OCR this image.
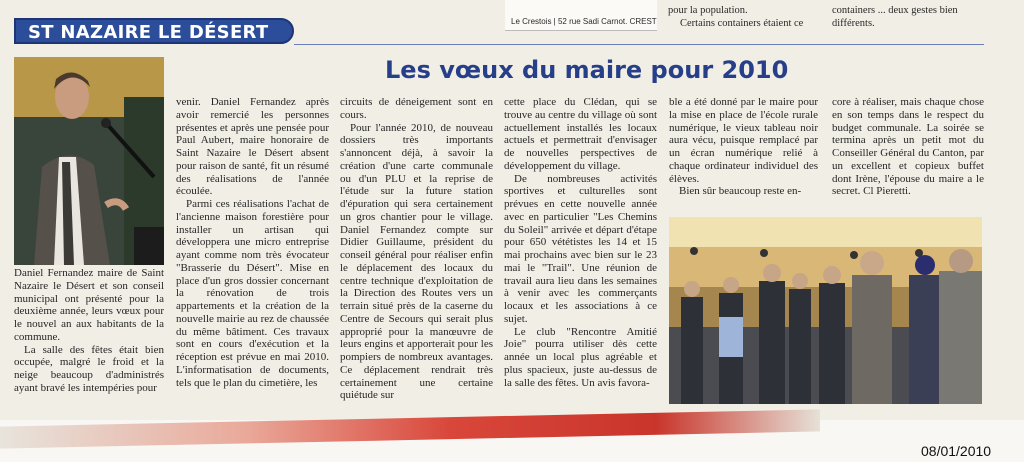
Le Crestois | 52 rue Sadi Carnot. CREST
pour la population.
Certains containers étaient ce
containers ... deux gestes bien
différents.
ST NAZAIRE LE DÉSERT
Les vœux du maire pour 2010

Daniel Fernandez maire de Saint Nazaire le Désert et son conseil municipal ont présenté pour la deuxième année, leurs vœux pour le nouvel an aux habitants de la commune.

La salle des fêtes était bien occupée, malgré le froid et la neige beaucoup d'administrés ayant bravé les intempéries pour

venir. Daniel Fernandez après avoir remercié les personnes présentes et après une pensée pour Paul Aubert, maire honoraire de Saint Nazaire le Désert absent pour raison de santé, fit un résumé des réalisations de l'année écoulée.

Parmi ces réalisations l'achat de l'ancienne maison forestière pour installer un artisan qui développera une micro entreprise ayant comme nom très évocateur "Brasserie du Désert". Mise en place d'un gros dossier concernant la rénovation de trois appartements et la création de la nouvelle mairie au rez de chaussée du même bâtiment. Ces travaux sont en cours d'exécution et la réception est prévue en mai 2010. L'informatisation de documents, tels que le plan du cimetière, les

circuits de déneigement sont en cours.

Pour l'année 2010, de nouveau dossiers très importants s'annoncent déjà, à savoir la création d'une carte communale ou d'un PLU et la reprise de l'étude sur la future station d'épuration qui sera certainement un gros chantier pour le village. Daniel Fernandez compte sur Didier Guillaume, président du conseil général pour réaliser enfin le déplacement des locaux du centre technique d'exploitation de la Direction des Routes vers un terrain situé près de la caserne du Centre de Secours qui serait plus approprié pour la manœuvre de leurs engins et apporterait pour les pompiers de nombreux avantages. Ce déplacement rendrait très certainement une certaine quiétude sur

cette place du Clédan, qui se trouve au centre du village où sont actuellement installés les locaux actuels et permettrait d'envisager de nouvelles perspectives de développement du village.

De nombreuses activités sportives et culturelles sont prévues en cette nouvelle année avec en particulier "Les Chemins du Soleil" arrivée et départ d'étape pour 650 vététistes les 14 et 15 mai prochains avec bien sur le 23 mai le "Trail". Une réunion de travail aura lieu dans les semaines à venir avec les commerçants locaux et les associations à ce sujet.

Le club "Rencontre Amitié Joie" pourra utiliser dès cette année un local plus agréable et plus spacieux, juste au-dessus de la salle des fêtes. Un avis favora-

ble a été donné par le maire pour la mise en place de l'école rurale numérique, le vieux tableau noir aura vécu, puisque remplacé par un écran numérique relié à chaque ordinateur individuel des élèves.

Bien sûr beaucoup reste en-

core à réaliser, mais chaque chose en son temps dans le respect du budget communale. La soirée se termina après un petit mot du Conseiller Général du Canton, par un excellent et copieux buffet dont Irène, l'épouse du maire a le secret. Cl Pieretti.

08/01/2010
